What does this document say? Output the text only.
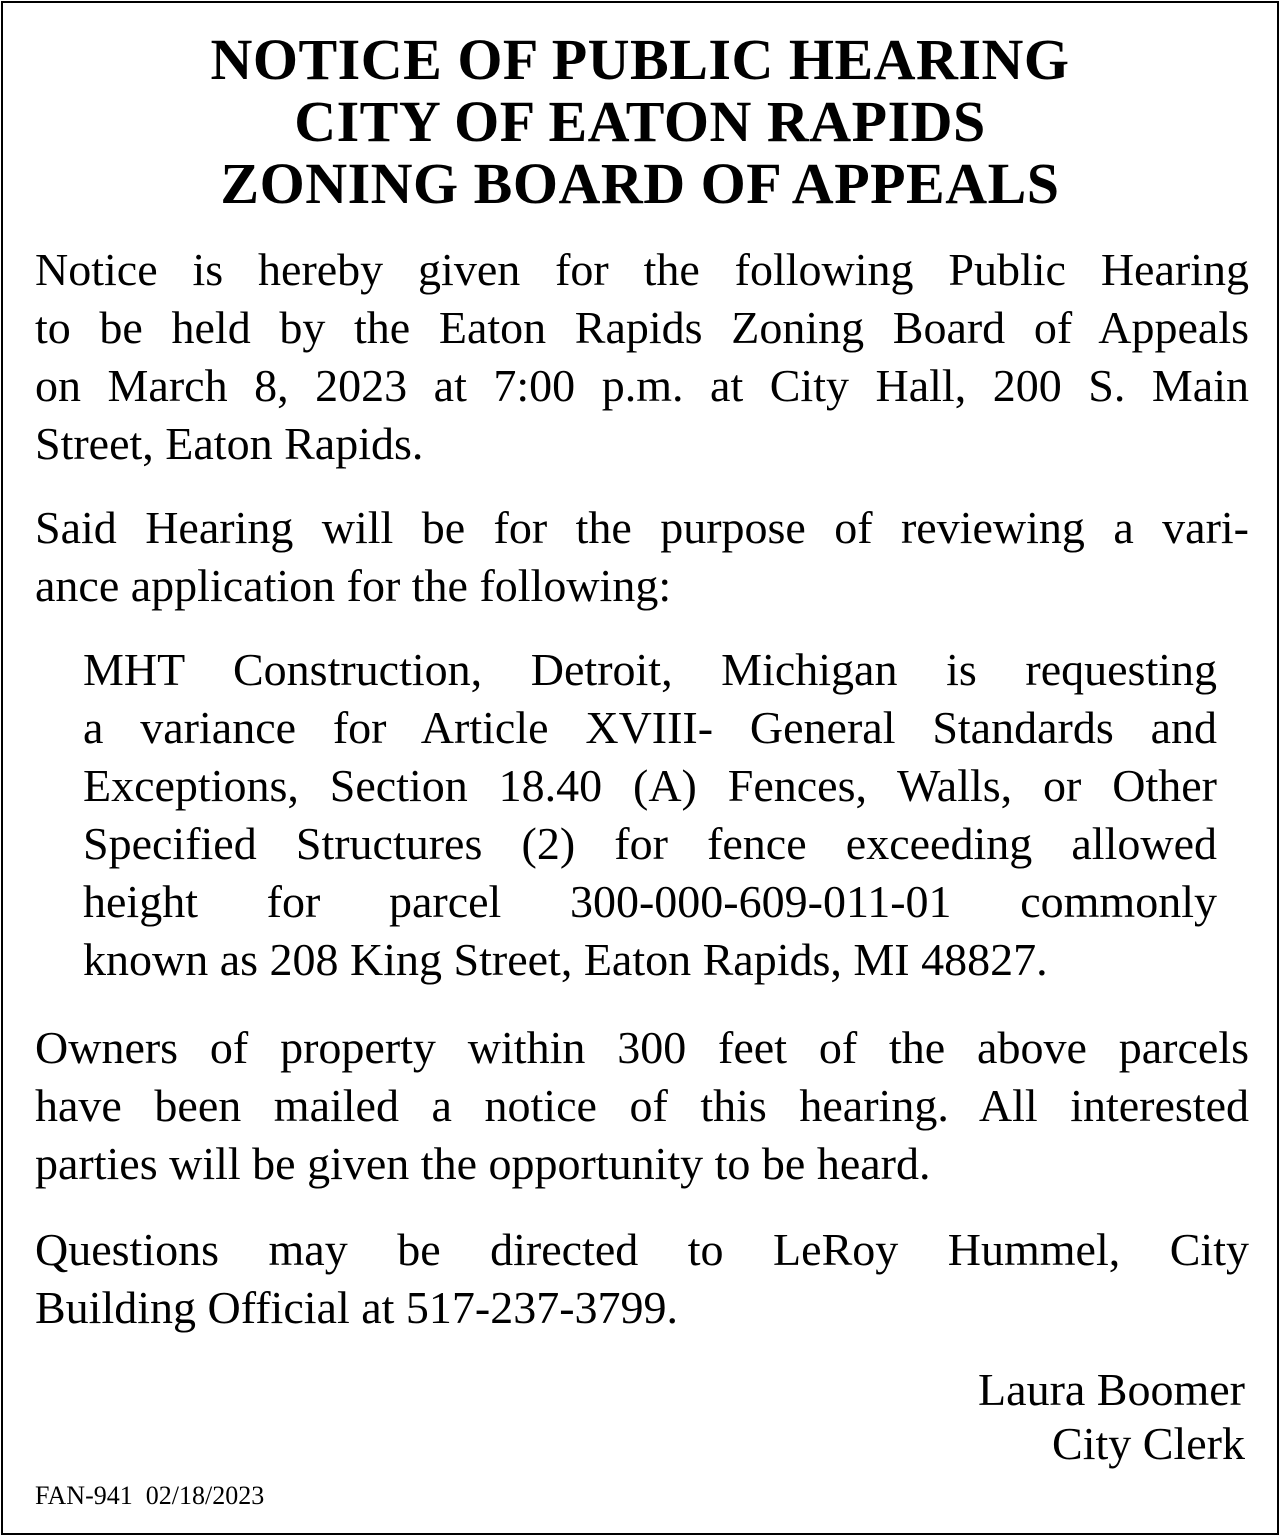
NOTICE OF PUBLIC HEARING
CITY OF EATON RAPIDS
ZONING BOARD OF APPEALS
Notice is hereby given for the following Public Hearing
to be held by the Eaton Rapids Zoning Board of Appeals
on March 8, 2023 at 7:00 p.m. at City Hall, 200 S. Main
Street, Eaton Rapids.
Said Hearing will be for the purpose of reviewing a vari-
ance application for the following:
MHT Construction, Detroit, Michigan is requesting
a variance for Article XVIII- General Standards and
Exceptions, Section 18.40 (A) Fences, Walls, or Other
Specified Structures (2) for fence exceeding allowed
height for parcel 300-000-609-011-01 commonly
known as 208 King Street, Eaton Rapids, MI 48827.
Owners of property within 300 feet of the above parcels
have been mailed a notice of this hearing. All interested
parties will be given the opportunity to be heard.
Questions may be directed to LeRoy Hummel, City
Building Official at 517-237-3799.
Laura Boomer
City Clerk
FAN-941 02/18/2023
